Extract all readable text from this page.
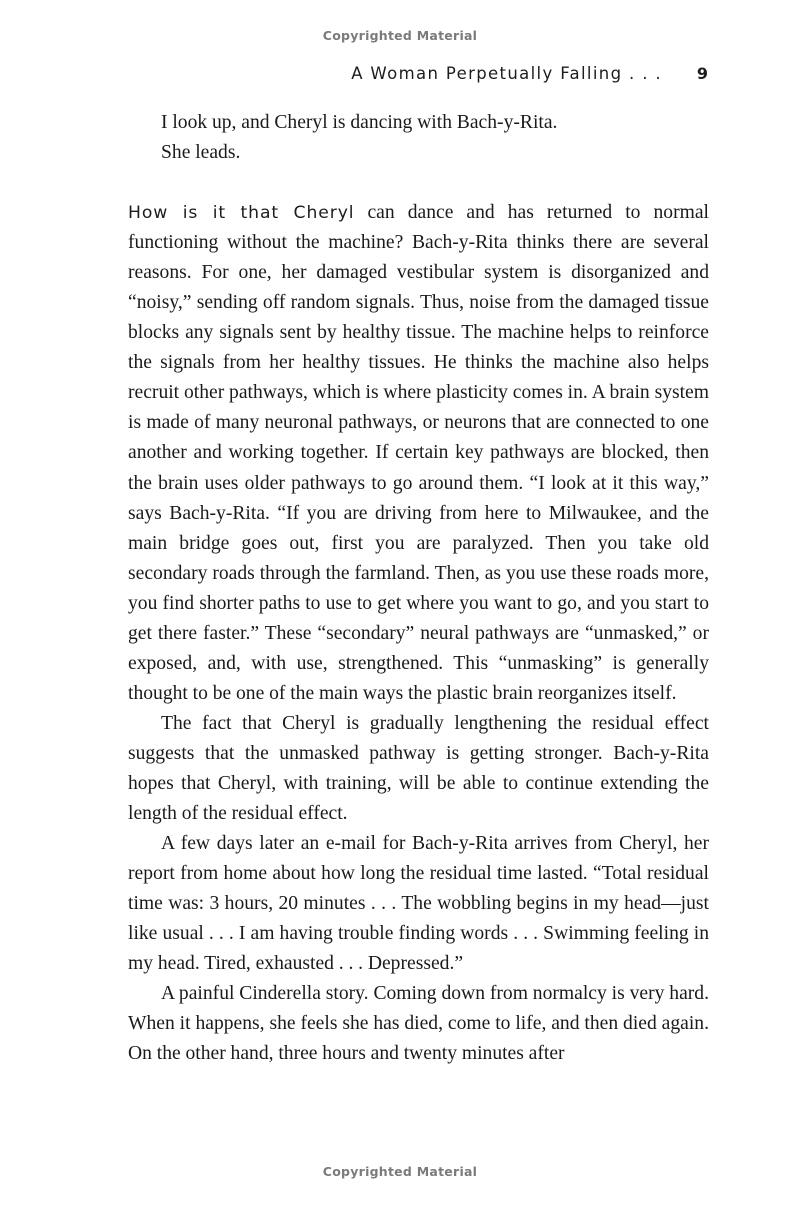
Copyrighted Material
A Woman Perpetually Falling . . . 9

I look up, and Cheryl is dancing with Bach-y-Rita.

She leads.

How is it that Cheryl can dance and has returned to normal functioning without the machine? Bach-y-Rita thinks there are several reasons. For one, her damaged vestibular system is disorganized and “noisy,” sending off random signals. Thus, noise from the damaged tissue blocks any signals sent by healthy tissue. The machine helps to reinforce the signals from her healthy tissues. He thinks the machine also helps recruit other pathways, which is where plasticity comes in. A brain system is made of many neuronal pathways, or neurons that are connected to one another and working together. If certain key pathways are blocked, then the brain uses older pathways to go around them. “I look at it this way,” says Bach-y-Rita. “If you are driving from here to Milwaukee, and the main bridge goes out, first you are paralyzed. Then you take old secondary roads through the farmland. Then, as you use these roads more, you find shorter paths to use to get where you want to go, and you start to get there faster.” These “secondary” neural pathways are “unmasked,” or exposed, and, with use, strengthened. This “unmasking” is generally thought to be one of the main ways the plastic brain reorganizes itself.

The fact that Cheryl is gradually lengthening the residual effect suggests that the unmasked pathway is getting stronger. Bach-y-Rita hopes that Cheryl, with training, will be able to continue extending the length of the residual effect.

A few days later an e-mail for Bach-y-Rita arrives from Cheryl, her report from home about how long the residual time lasted. “Total residual time was: 3 hours, 20 minutes . . . The wobbling begins in my head—just like usual . . . I am having trouble finding words . . . Swimming feeling in my head. Tired, exhausted . . . Depressed.”

A painful Cinderella story. Coming down from normalcy is very hard. When it happens, she feels she has died, come to life, and then died again. On the other hand, three hours and twenty minutes after

Copyrighted Material
